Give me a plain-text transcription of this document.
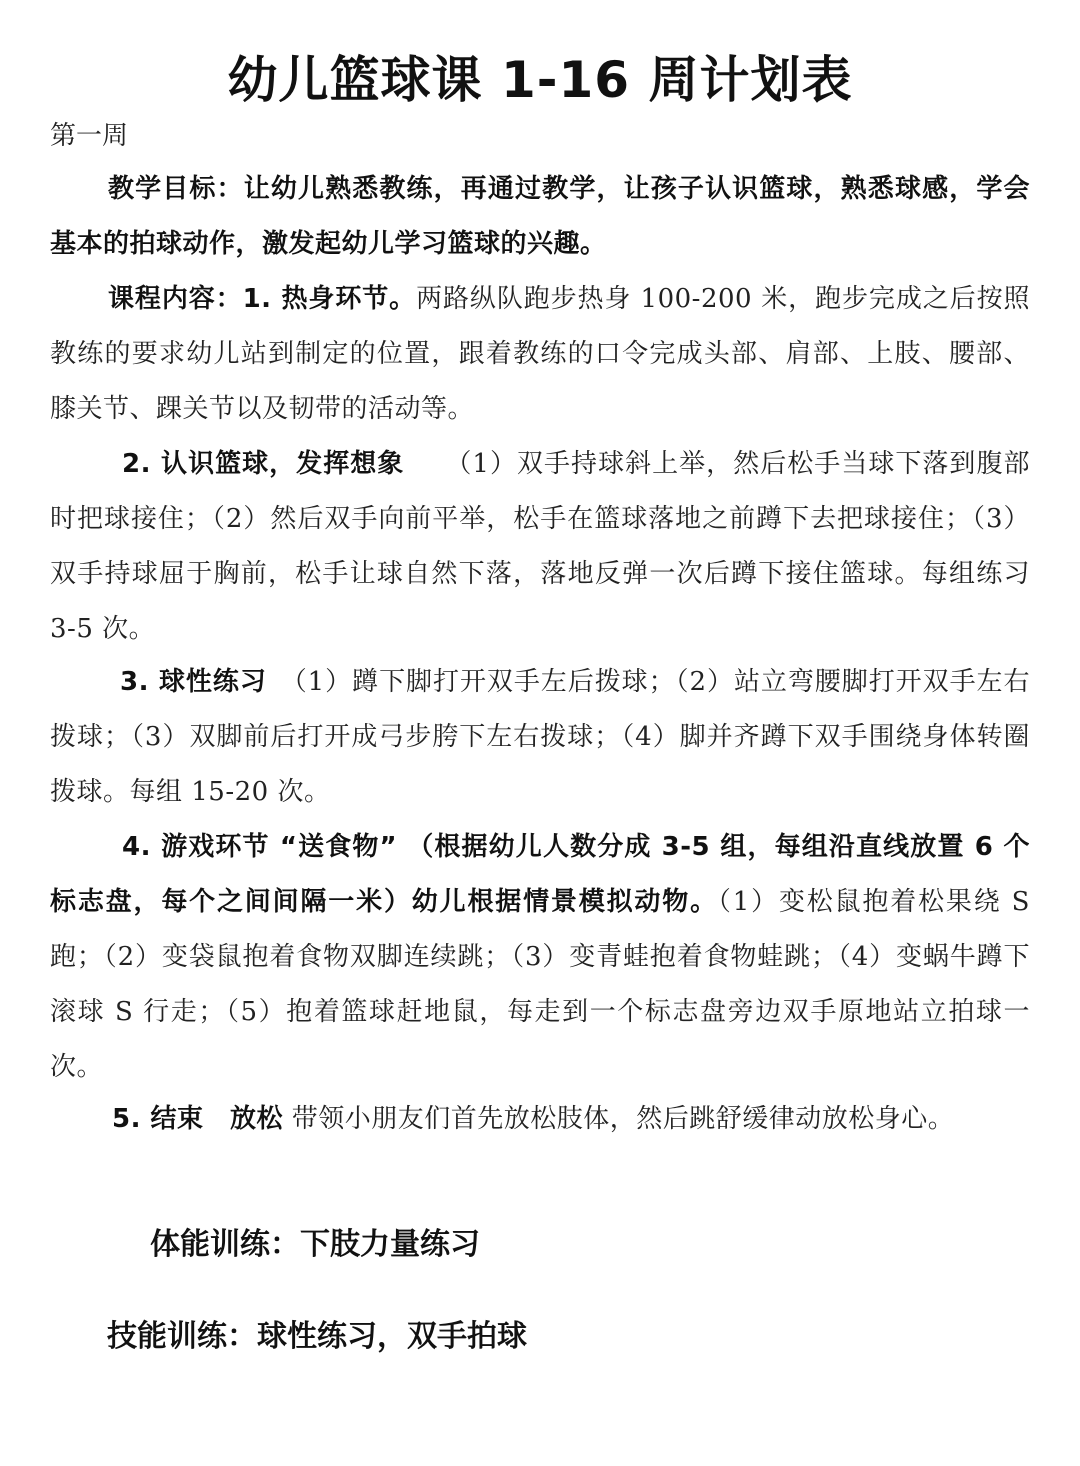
幼儿篮球课 1-16 周计划表
第一周
教学目标：让幼儿熟悉教练，再通过教学，让孩子认识篮球，熟悉球感，学会基本的拍球动作，激发起幼儿学习篮球的兴趣。
课程内容：1. 热身环节。两路纵队跑步热身 100-200 米，跑步完成之后按照教练的要求幼儿站到制定的位置，跟着教练的口令完成头部、肩部、上肢、腰部、膝关节、踝关节以及韧带的活动等。
2. 认识篮球，发挥想象　　 （1）双手持球斜上举，然后松手当球下落到腹部时把球接住；（2）然后双手向前平举，松手在篮球落地之前蹲下去把球接住；（3）双手持球屈于胸前，松手让球自然下落，落地反弹一次后蹲下接住篮球。每组练习 3-5 次。
3. 球性练习　 （1）蹲下脚打开双手左后拨球；（2）站立弯腰脚打开双手左右拨球；（3）双脚前后打开成弓步胯下左右拨球；（4）脚并齐蹲下双手围绕身体转圈拨球。每组 15-20 次。
4. 游戏环节 “送食物” （根据幼儿人数分成 3-5 组，每组沿直线放置 6 个标志盘，每个之间间隔一米）幼儿根据情景模拟动物。（1）变松鼠抱着松果绕 S 跑；（2）变袋鼠抱着食物双脚连续跳；（3）变青蛙抱着食物蛙跳；（4）变蜗牛蹲下滚球 S 行走；（5）抱着篮球赶地鼠，每走到一个标志盘旁边双手原地站立拍球一次。
5. 结束　放松 带领小朋友们首先放松肢体，然后跳舒缓律动放松身心。
体能训练：下肢力量练习
技能训练：球性练习，双手拍球
